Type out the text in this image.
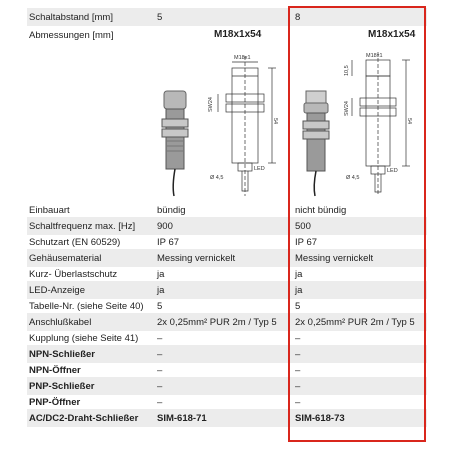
Schaltabstand [mm]	5	8
Abmessungen [mm]	M18x1x54	M18x1x54
M18x1
54
SW24
Ø 4,5
LED
M18x1
54
10,5
SW24
Ø 4,5
LED
Einbauart	bündig	nicht bündig
Schaltfrequenz max. [Hz]	900	500
Schutzart (EN 60529)	IP 67	IP 67
Gehäusematerial	Messing vernickelt	Messing vernickelt
Kurz- Überlastschutz	ja	ja
LED-Anzeige	ja	ja
Tabelle-Nr. (siehe Seite 40)	5	5
Anschlußkabel	2x 0,25mm² PUR 2m / Typ 5	2x 0,25mm² PUR 2m / Typ 5
Kupplung (siehe Seite 41)	–	–
NPN-Schließer	–	–
NPN-Öffner	–	–
PNP-Schließer	–	–
PNP-Öffner	–	–
AC/DC2-Draht-Schließer	SIM-618-71	SIM-618-73
